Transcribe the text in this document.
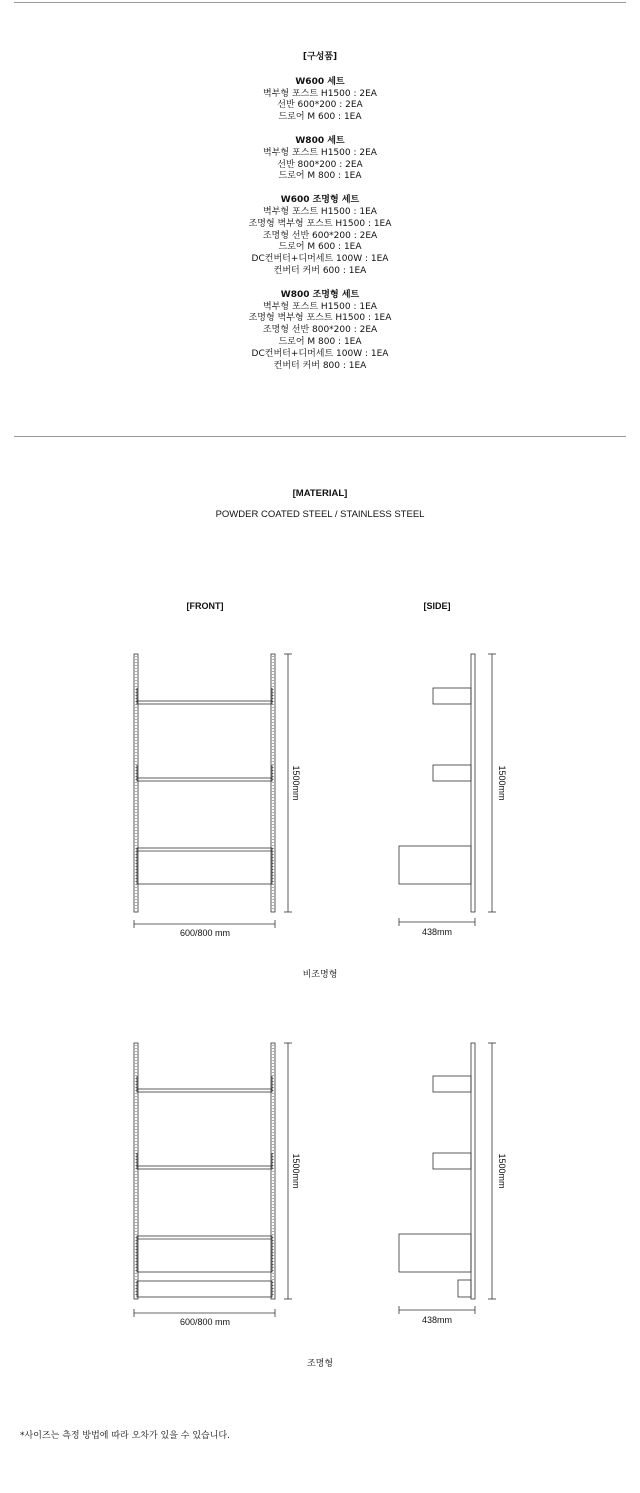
[구성품]
W600 세트
벽부형 포스트 H1500 : 2EA
선반 600*200 : 2EA
드로어 M 600 : 1EA
W800 세트
벽부형 포스트 H1500 : 2EA
선반 800*200 : 2EA
드로어 M 800 : 1EA
W600 조명형 세트
벽부형 포스트 H1500 : 1EA
조명형 벽부형 포스트 H1500 : 1EA
조명형 선반 600*200 : 2EA
드로어 M 600 : 1EA
DC컨버터+디머세트 100W : 1EA
컨버터 커버 600 : 1EA
W800 조명형 세트
벽부형 포스트 H1500 : 1EA
조명형 벽부형 포스트 H1500 : 1EA
조명형 선반 800*200 : 2EA
드로어 M 800 : 1EA
DC컨버터+디머세트 100W : 1EA
컨버터 커버 800 : 1EA
[MATERIAL]
POWDER COATED STEEL / STAINLESS STEEL
[FRONT]	[SIDE]
1500mm
600/800 mm
1500mm
438mm
비조명형
1500mm
600/800 mm
1500mm
438mm
조명형
*사이즈는 측정 방법에 따라 오차가 있을 수 있습니다.
